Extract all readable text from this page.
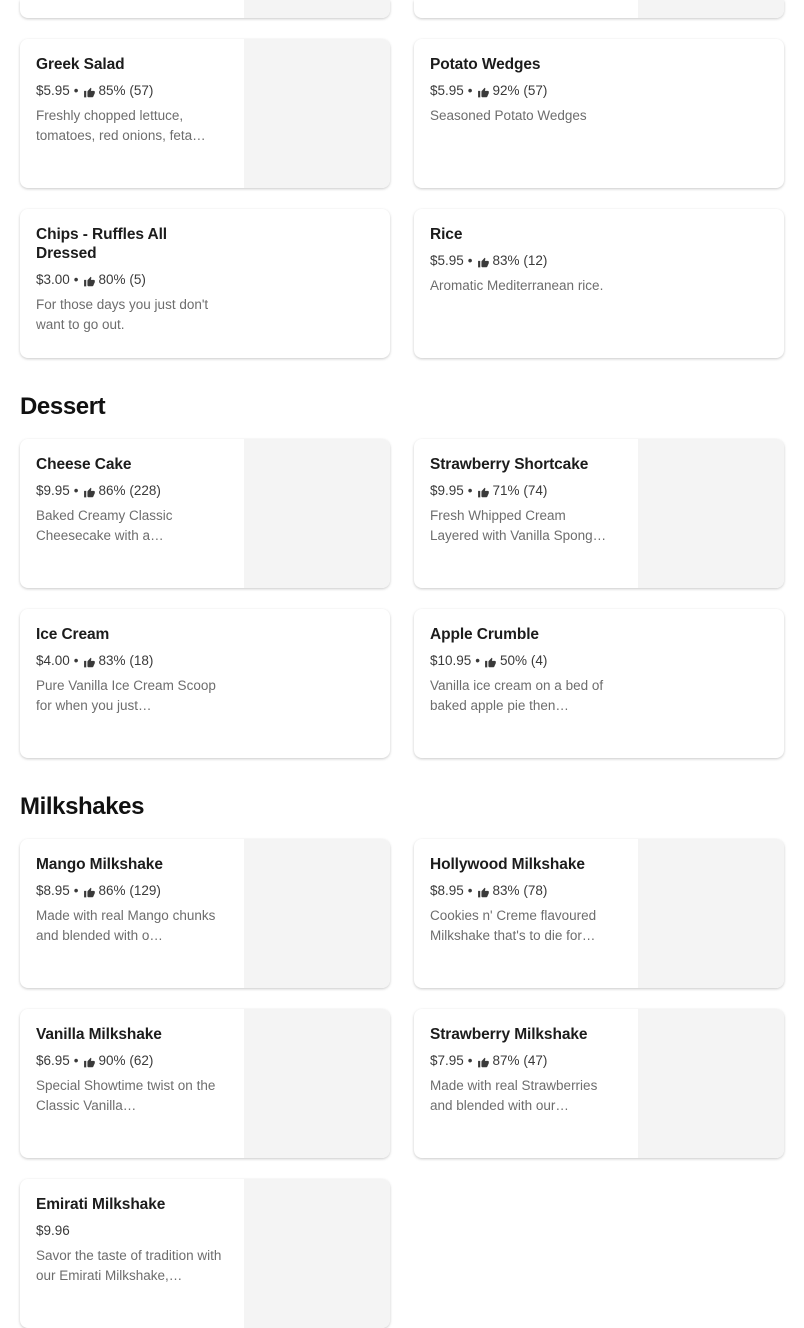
Greek Salad
$5.95 • 85%
(57)
Freshly chopped lettuce, tomatoes, red onions, feta…
Potato Wedges
$5.95 • 92%
(57)
Seasoned Potato Wedges
Chips - Ruffles All Dressed
$3.00 • 80%
(5)
For those days you just don't want to go out.
Rice
$5.95 • 83%
(12)
Aromatic Mediterranean rice.
Dessert
Cheese Cake
$9.95 • 86%
(228)
Baked Creamy Classic Cheesecake with a…
Strawberry Shortcake
$9.95 • 71%
(74)
Fresh Whipped Cream Layered with Vanilla Spong…
Ice Cream
$4.00 • 83%
(18)
Pure Vanilla Ice Cream Scoop for when you just…
Apple Crumble
$10.95 • 50%
(4)
Vanilla ice cream on a bed of baked apple pie then…
Milkshakes
Mango Milkshake
$8.95 • 86%
(129)
Made with real Mango chunks and blended with o…
Hollywood Milkshake
$8.95 • 83%
(78)
Cookies n' Creme flavoured Milkshake that's to die for…
Vanilla Milkshake
$6.95 • 90%
(62)
Special Showtime twist on the Classic Vanilla…
Strawberry Milkshake
$7.95 • 87%
(47)
Made with real Strawberries and blended with our…
Emirati Milkshake
$9.96
Savor the taste of tradition with our Emirati Milkshake,…
